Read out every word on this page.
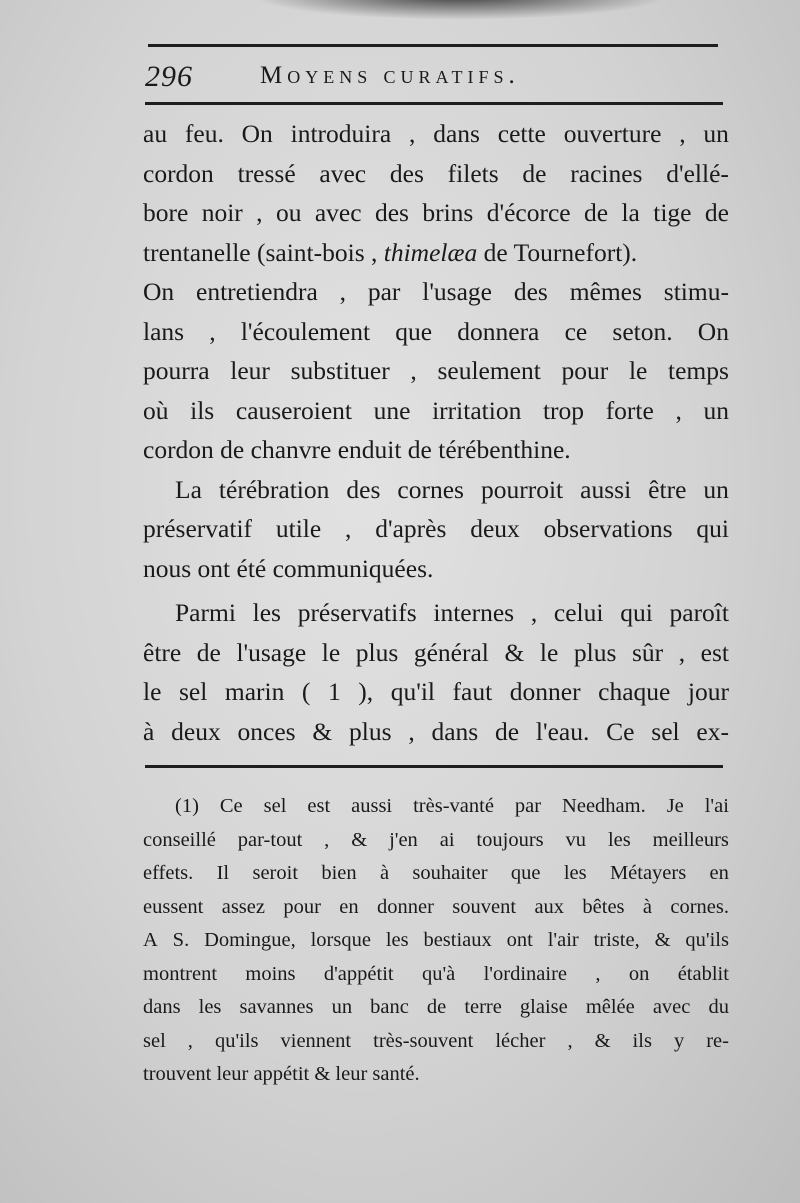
296	Moyens curatifs.
au feu. On introduira , dans cette ouverture , un
cordon tressé avec des filets de racines d'ellé-
bore noir , ou avec des brins d'écorce de la tige de
trentanelle (saint-bois , thimelæa de Tournefort).
On entretiendra , par l'usage des mêmes stimu-
lans , l'écoulement que donnera ce seton. On
pourra leur substituer , seulement pour le temps
où ils causeroient une irritation trop forte , un
cordon de chanvre enduit de térébenthine.
La térébration des cornes pourroit aussi être un
préservatif utile , d'après deux observations qui
nous ont été communiquées.
Parmi les préservatifs internes , celui qui paroît
être de l'usage le plus général & le plus sûr , est
le sel marin ( 1 ), qu'il faut donner chaque jour
à deux onces & plus , dans de l'eau. Ce sel ex-
(1) Ce sel est aussi très-vanté par Needham. Je l'ai
conseillé par-tout , & j'en ai toujours vu les meilleurs
effets. Il seroit bien à souhaiter que les Métayers en
eussent assez pour en donner souvent aux bêtes à cornes.
A S. Domingue, lorsque les bestiaux ont l'air triste, & qu'ils
montrent moins d'appétit qu'à l'ordinaire , on établit
dans les savannes un banc de terre glaise mêlée avec du
sel , qu'ils viennent très-souvent lécher , & ils y re-
trouvent leur appétit & leur santé.
